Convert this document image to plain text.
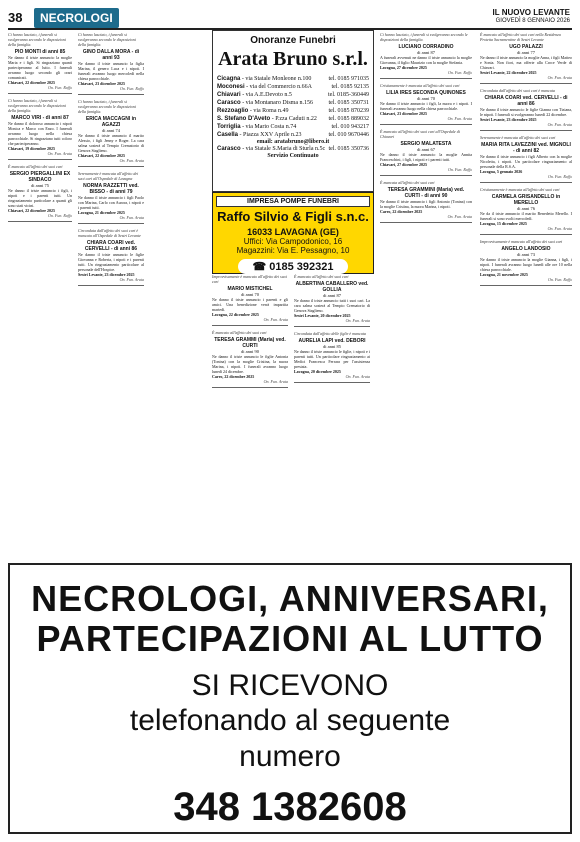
38	NECROLOGI	IL NUOVO LEVANTE
GIOVEDÌ 8 GENNAIO 2026
Ci hanno lasciato, i funerali si svolgeranno secondo le disposizioni della famiglia.
PIO MONTI di anni 85
Ne danno il triste annuncio la moglie Maria e i figli. Si ringraziano quanti parteciperanno al lutto. I funerali avranno luogo secondo gli orari comunicati.
Chiavari, 22 dicembre 2025
On. Fun. Raffo
Ci hanno lasciato, i funerali si svolgeranno secondo le disposizioni della famiglia.
MARCO VIRI - di anni 87
Ne danno il doloroso annuncio i nipoti Monica e Marco con Enzo. I funerali avranno luogo nella chiesa parrocchiale. Si ringraziano tutti coloro che parteciperanno.
Chiavari, 19 dicembre 2025
On. Fun. Arata
È mancato all'affetto dei suoi cari
SERGIO PIERGALLINI EX SINDACO
di anni 75
Ne danno il triste annuncio i figli, i nipoti e i parenti tutti. Un ringraziamento particolare a quanti gli sono stati vicini.
Chiavari, 22 dicembre 2025
On. Fun. Raffo
Ci hanno lasciato, i funerali si svolgeranno secondo le disposizioni della famiglia.
GINO DALLA MORA - di anni 93
Ne danno il triste annuncio la figlia Marina, il genero Luca e i nipoti. I funerali avranno luogo mercoledì nella chiesa parrocchiale.
Chiavari, 23 dicembre 2025
On. Fun. Raffo
Ci hanno lasciato, i funerali si svolgeranno secondo le disposizioni della famiglia.
ERICA MACCAGNI in AGAZZI
di anni 74
Ne danno il triste annuncio il marito Alessio, i figli Jenny e Roger. La cara salma sosterà al Tempio Crematorio di Genova Staglieno.
Chiavari, 22 dicembre 2025
On. Fun. Arata
Serenamente è mancata all'affetto dei suoi cari all'Ospedale di Lavagna
NORMA RAZZETTI ved. BISSO - di anni 79
Ne danno il triste annuncio i figli Paolo con Marina, Carlo con Aurora, i nipoti e i parenti tutti.
Lavagna, 21 dicembre 2025
On. Fun. Arata
Circondata dall'affetto dei suoi cari è mancata all'Ospedale di Sestri Levante
CHIARA COARI ved. CERVELLI - di anni 86
Ne danno il triste annuncio le figlie Giovanna e Roberta, i nipoti e i parenti tutti. Un ringraziamento particolare al personale dell'Hospice.
Sestri Levante, 23 dicembre 2025
On. Fun. Arata
Improvvisamente è mancato all'affetto dei suoi cari
MARIO MISTICHEL
di anni 70
Ne danno il triste annuncio i parenti e gli amici. Una benedizione verrà impartita martedì.
Lavagna, 22 dicembre 2025
On. Fun. Arata
È mancato all'affetto dei suoi cari
TERESA GRAMMI (Maria) ved. CURTI
di anni 90
Ne danno il triste annuncio le figlie Antonia (Tonina) con la moglie Cristina, la nuora Marina, i nipoti. I funerali avranno luogo lunedì 24 dicembre.
Carro, 22 dicembre 2025
On. Fun. Arata
È mancato all'affetto dei suoi cari
ALBERTINA CABALLERO ved. GOLLIA
di anni 87
Ne danno il triste annuncio tutti i suoi cari. La cara salma sosterà al Tempio Crematorio di Genova Staglieno.
Sestri Levante, 20 dicembre 2025
On. Fun. Arata
Circondata dall'affetto delle figlie è mancata
AURELIA LAPI ved. DEBORI
di anni 85
Ne danno il triste annuncio le figlie, i nipoti e i parenti tutti. Un particolare ringraziamento ai Medici Francesca Ferrara per l'assistenza prestata.
Lavagna, 20 dicembre 2025
On. Fun. Arata
Ci hanno lasciato, i funerali si svolgeranno secondo le disposizioni della famiglia.
LUCIANO CORRADINO
di anni 87
A funerali avvenuti ne danno il triste annuncio la moglie Giovanna, il figlio Maurizio con la moglie Stefania.
Lavagna, 27 dicembre 2025
On. Fun. Raffo
Cristianamente è mancata all'affetto dei suoi cari
LILIA IRES SECONDA QUINONES
di anni 70
Ne danno il triste annuncio i figli, la nuora e i nipoti. I funerali avranno luogo nella chiesa parrocchiale.
Chiavari, 23 dicembre 2025
On. Fun. Arata
È mancato all'affetto dei suoi cari all'Ospedale di Chiavari
SERGIO MALATESTA
di anni 67
Ne danno il triste annuncio la moglie Annita Franceschini, i figli, i nipoti e i parenti tutti.
Chiavari, 27 dicembre 2025
On. Fun. Raffo
È mancata all'affetto dei suoi cari
TERESA GRAMMINI (Maria) ved. CURTI - di anni 90
Ne danno il triste annuncio i figli Antonio (Tonina) con la moglie Cristina, la nuora Marina, i nipoti.
Carro, 22 dicembre 2025
On. Fun. Arata
È mancato all'affetto dei suoi cari nella Residenza Protetta Sacramentine di Sestri Levante
UGO PALAZZI
di anni 77
Ne danno il triste annuncio la moglie Anna, i figli Matteo e Sonia. Non fiori, ma offerte alla Croce Verde di Chiavari.
Sestri Levante, 22 dicembre 2025
On. Fun. Arata
Circondata dall'affetto dei suoi cari è mancata
CHIARA COARI ved. CERVELLI - di anni 86
Ne danno il triste annuncio le figlie Gianna con Tiziana, le nipoti. I funerali si svolgeranno lunedì 22 dicembre.
Sestri Levante, 23 dicembre 2025
On. Fun. Arata
Serenamente è mancata all'affetto dei suoi cari
MARIA RITA LAVEZZINI ved. MIGNOLI - di anni 82
Ne danno il triste annuncio i figli Alberto con la moglie Nicoletta, i nipoti. Un particolare ringraziamento al personale della R.S.A.
Lavagna, 5 gennaio 2026
On. Fun. Raffo
Cristianamente è mancata all'affetto dei suoi cari
CARMELA GRISANDELLO in MERELLO
di anni 76
Ne da il triste annuncio il marito Benedetto Merello. I funerali si sono svolti mercoledì.
Lavagna, 15 dicembre 2025
On. Fun. Arata
Improvvisamente è mancato all'affetto dei suoi cari
ANGELO LANDOSIO
di anni 73
Ne danno il triste annuncio la moglie Gianna, i figli, i nipoti. I funerali avranno luogo lunedì alle ore 10 nella chiesa parrocchiale.
Lavagna, 21 novembre 2025
On. Fun. Raffo
Onoranze Funebri
Arata Bruno s.r.l.
Cicagna - via Statale Monleone n.100	tel. 0185 971035
Moconesi - via del Commercio n.66A	tel. 0185 92135
Chiavari - via A.E.Devoto n.5	tel. 0185-360449
Carasco - via Montanaro Disma n.156	tel. 0185 350731
Rezzoaglio - via Roma n.49	tel. 0185 870239
S. Stefano D'Aveto - P.zza Caduti n.22 tel. 0185 889032
Torriglia - via Mario Costa n.74	tel. 010 943217
Casella - Piazza XXV Aprile n.23	tel. 010 9670446
email: aratabruno@libero.it
Carasco - via Statale S.Maria di Sturla n.5c tel. 0185 350736
Servizio Continuato
IMPRESA POMPE FUNEBRI
Raffo Silvio & Figli s.n.c.
16033 LAVAGNA (GE)
Uffici: Via Campodonico, 16
Magazzini: Via E. Pessagno, 10
☎ 0185 392321
NECROLOGI, ANNIVERSARI,
PARTECIPAZIONI AL LUTTO
SI RICEVONO
telefonando al seguente
numero
348 1382608
